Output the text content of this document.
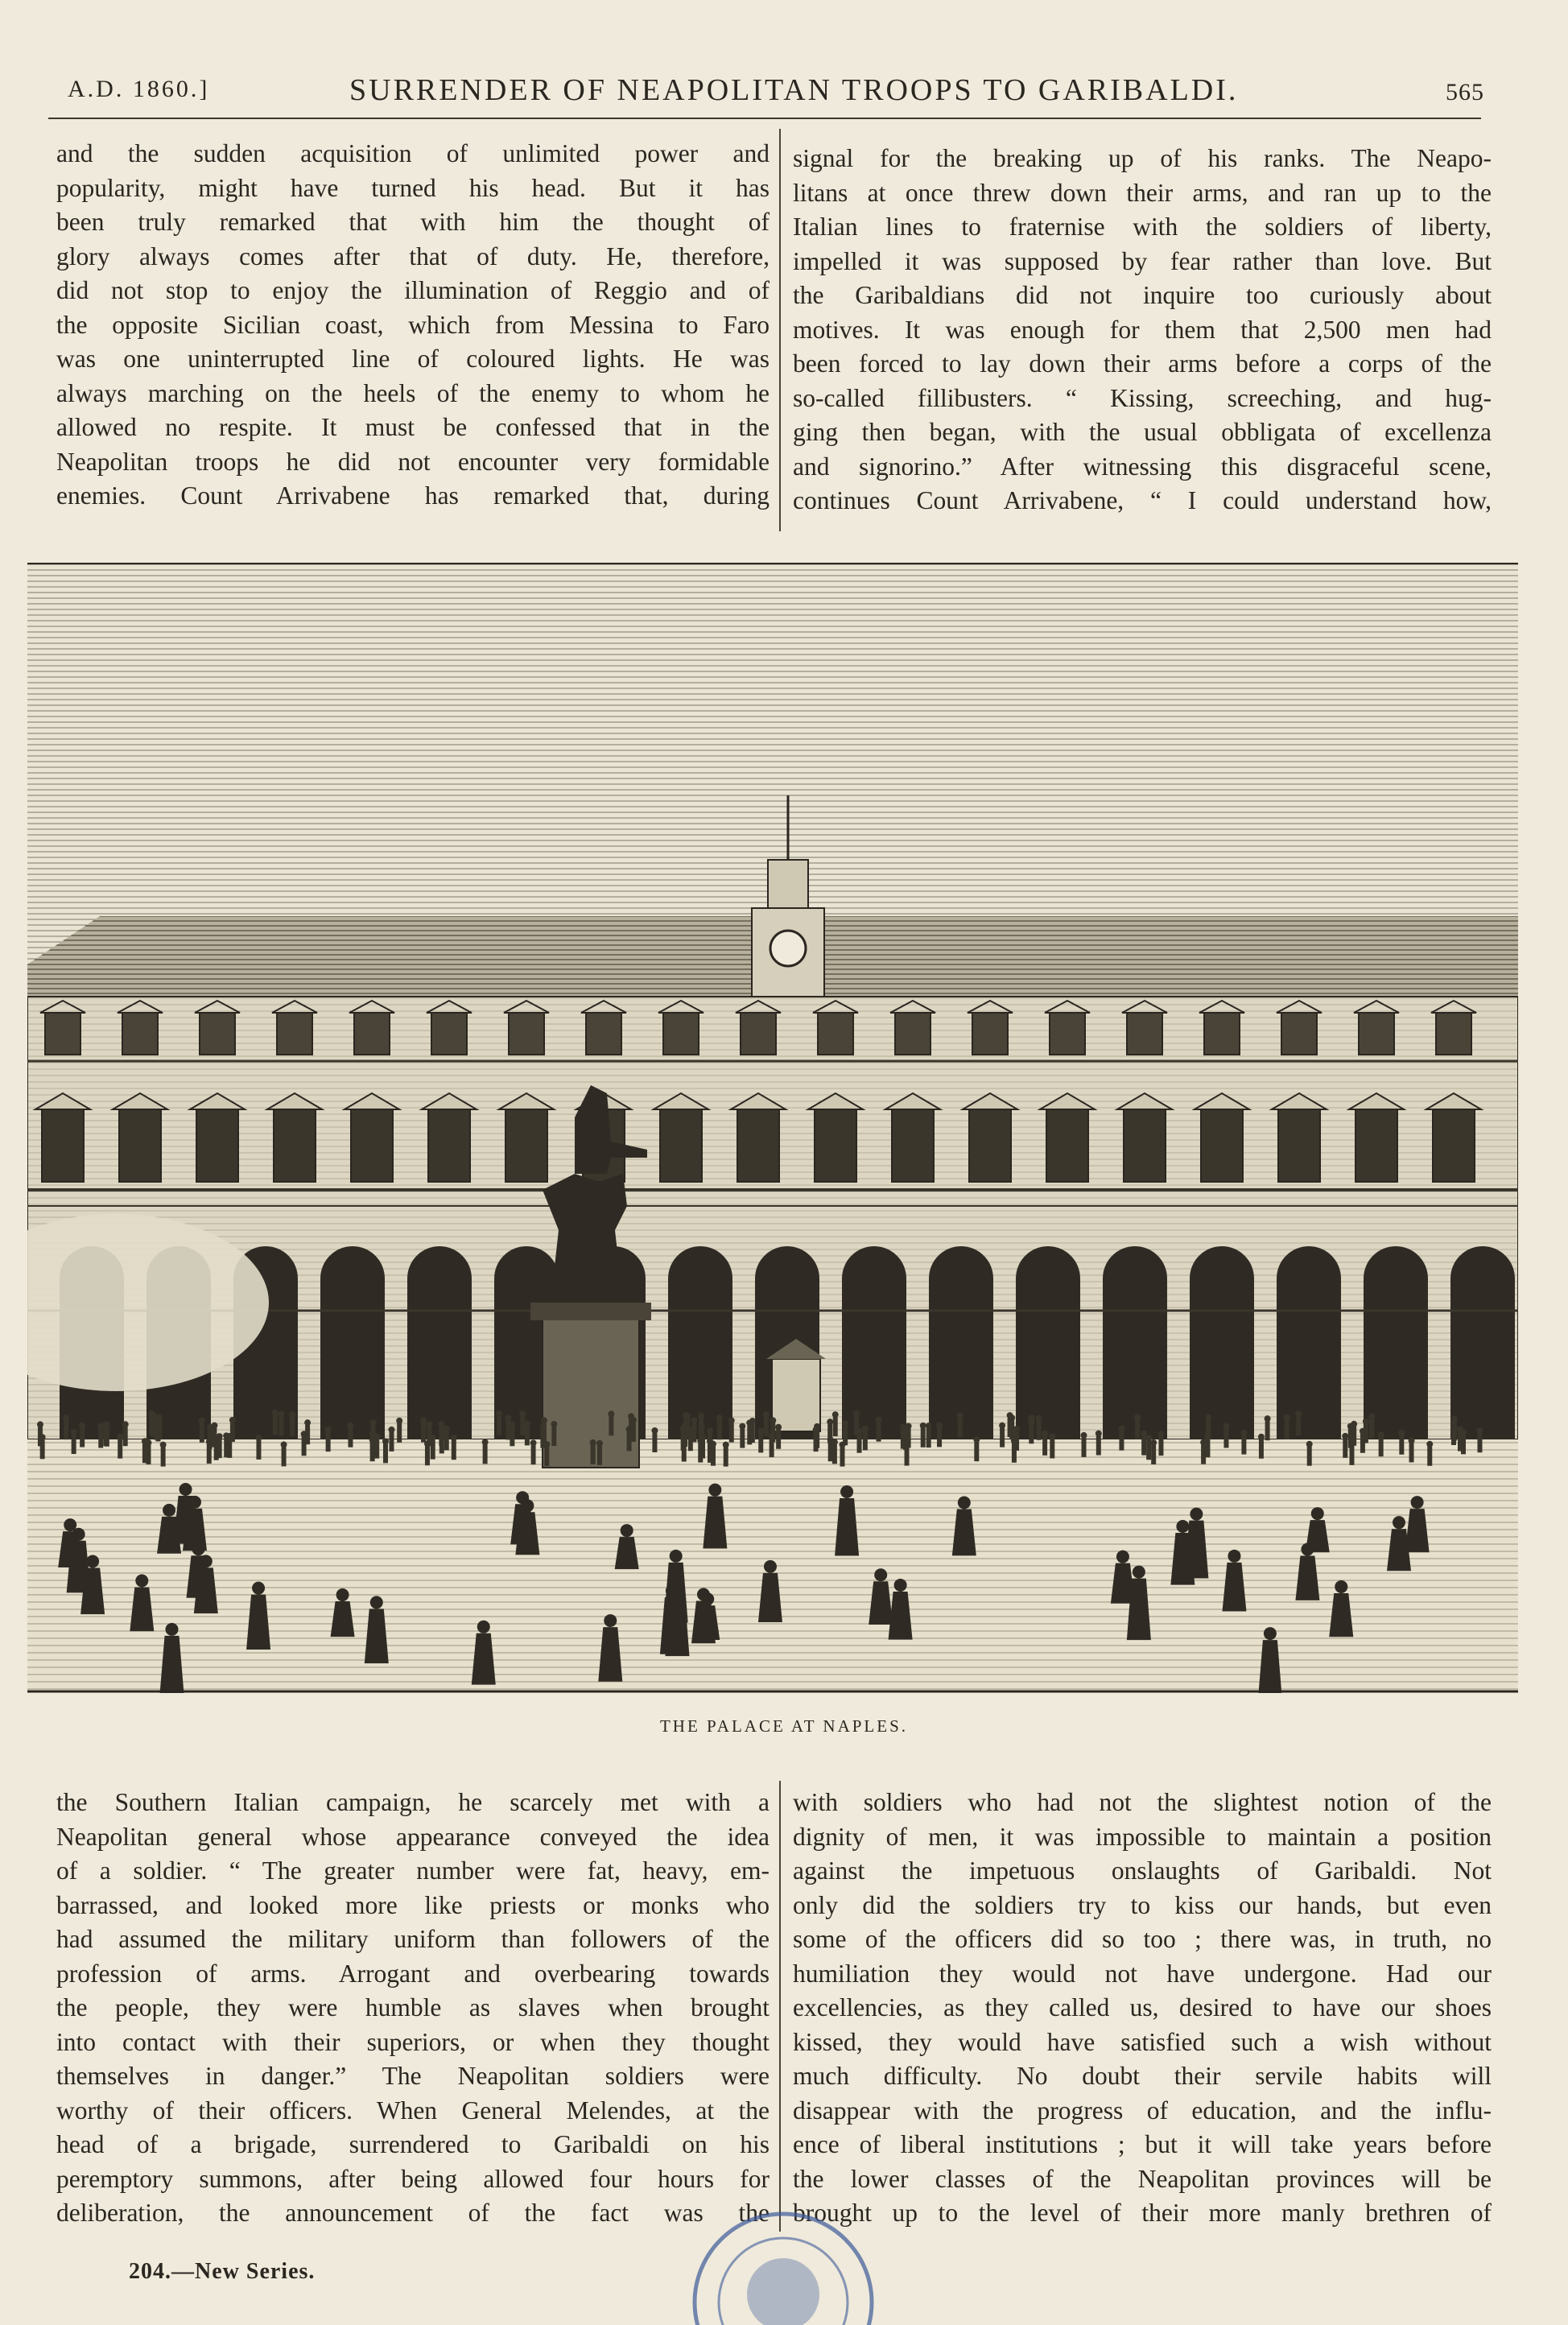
A.D. 1860.]	SURRENDER OF NEAPOLITAN TROOPS TO GARIBALDI.	565
and the sudden acquisition of unlimited power and
popularity, might have turned his head. But it has
been truly remarked that with him the thought of
glory always comes after that of duty. He, therefore,
did not stop to enjoy the illumination of Reggio and of
the opposite Sicilian coast, which from Messina to Faro
was one uninterrupted line of coloured lights. He was
always marching on the heels of the enemy to whom he
allowed no respite. It must be confessed that in the
Neapolitan troops he did not encounter very formidable
enemies. Count Arrivabene has remarked that, during
signal for the breaking up of his ranks. The Neapo-
litans at once threw down their arms, and ran up to the
Italian lines to fraternise with the soldiers of liberty,
impelled it was supposed by fear rather than love. But
the Garibaldians did not inquire too curiously about
motives. It was enough for them that 2,500 men had
been forced to lay down their arms before a corps of the
so-called fillibusters. “ Kissing, screeching, and hug-
ging then began, with the usual obbligata of excellenza
and signorino.” After witnessing this disgraceful scene,
continues Count Arrivabene, “ I could understand how,
THE PALACE AT NAPLES.
the Southern Italian campaign, he scarcely met with a
Neapolitan general whose appearance conveyed the idea
of a soldier. “ The greater number were fat, heavy, em-
barrassed, and looked more like priests or monks who
had assumed the military uniform than followers of the
profession of arms. Arrogant and overbearing towards
the people, they were humble as slaves when brought
into contact with their superiors, or when they thought
themselves in danger.” The Neapolitan soldiers were
worthy of their officers. When General Melendes, at the
head of a brigade, surrendered to Garibaldi on his
peremptory summons, after being allowed four hours for
deliberation, the announcement of the fact was the
with soldiers who had not the slightest notion of the
dignity of men, it was impossible to maintain a position
against the impetuous onslaughts of Garibaldi. Not
only did the soldiers try to kiss our hands, but even
some of the officers did so too ; there was, in truth, no
humiliation they would not have undergone. Had our
excellencies, as they called us, desired to have our shoes
kissed, they would have satisfied such a wish without
much difficulty. No doubt their servile habits will
disappear with the progress of education, and the influ-
ence of liberal institutions ; but it will take years before
the lower classes of the Neapolitan provinces will be
brought up to the level of their more manly brethren of
204.—New Series.
